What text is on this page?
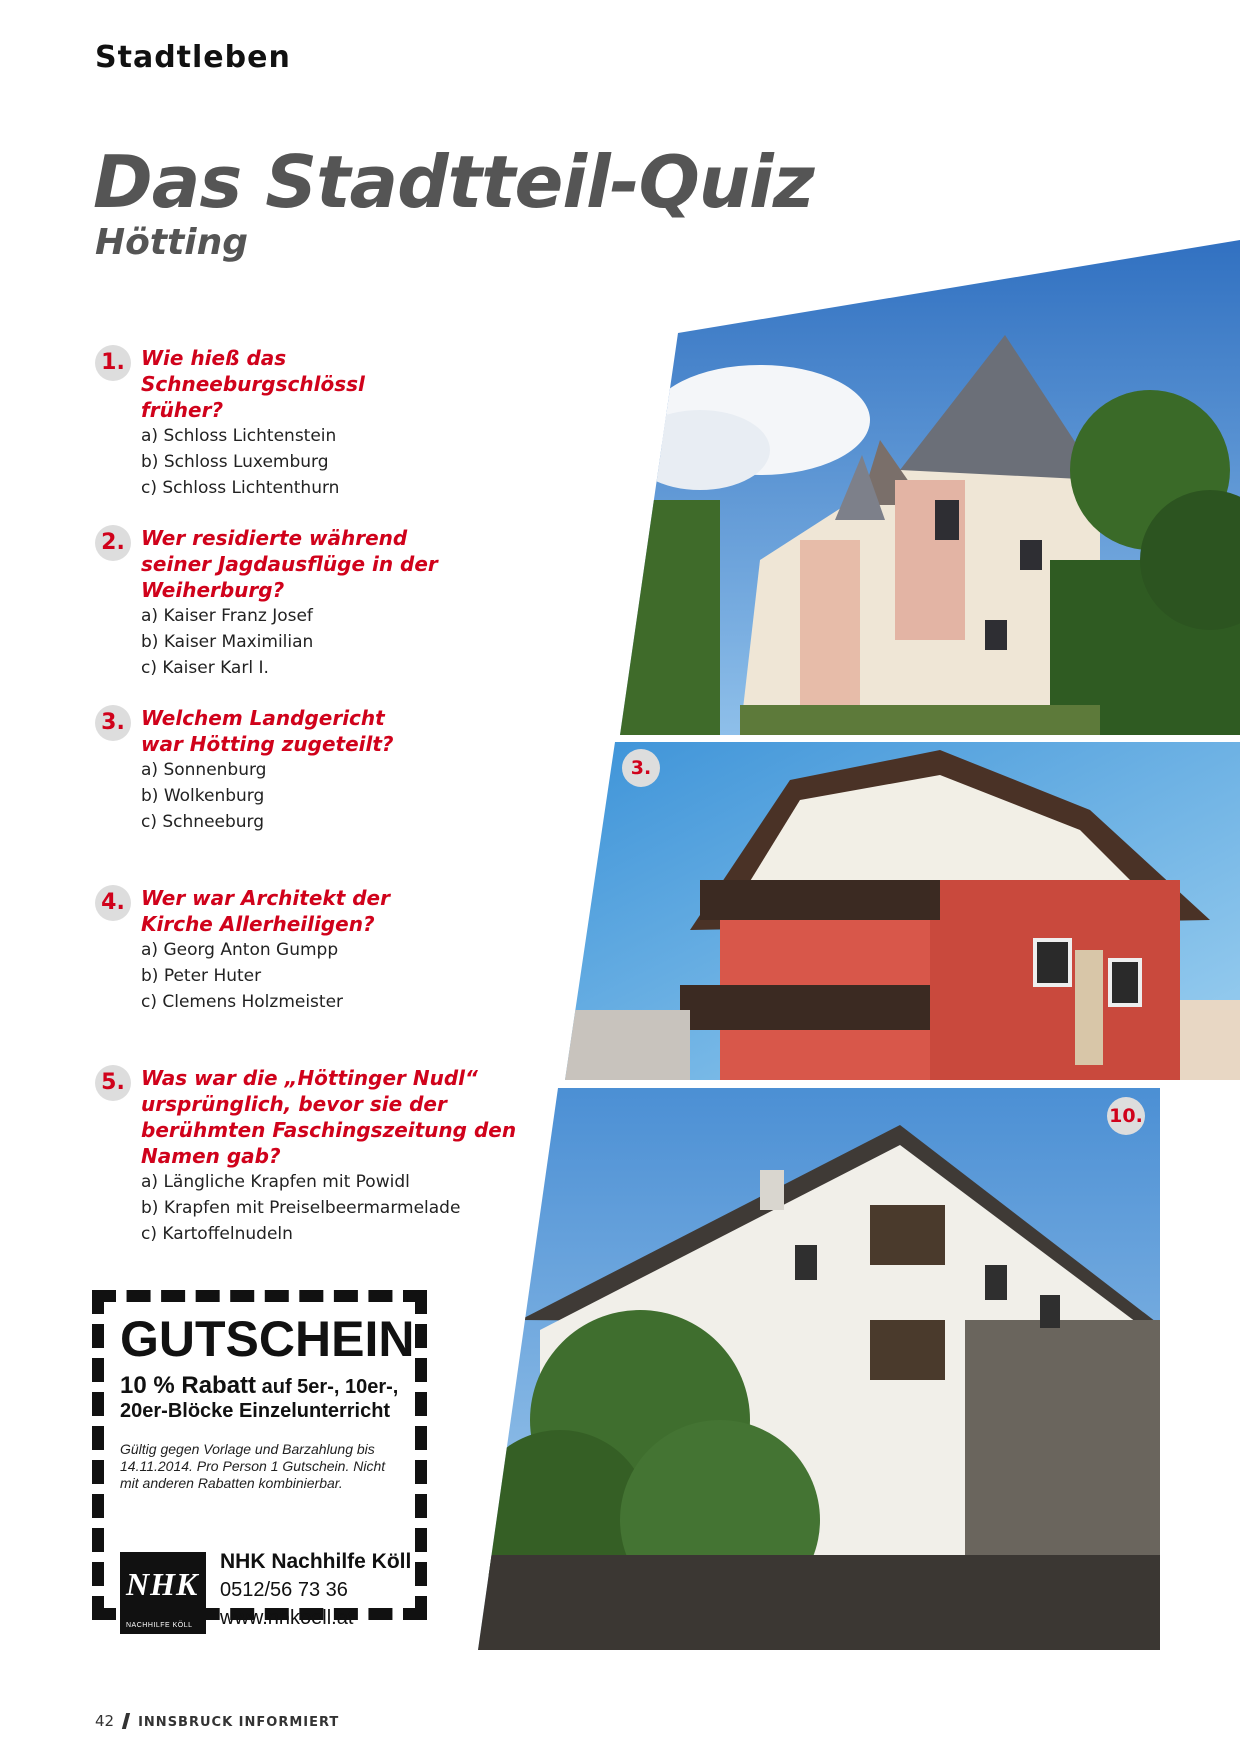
Stadtleben
Das Stadtteil-Quiz
Hötting
1. Wie hieß das Schneeburgschlössl früher?
a) Schloss Lichtenstein
b) Schloss Luxemburg
c) Schloss Lichtenthurn
2. Wer residierte während seiner Jagdausflüge in der Weiherburg?
a) Kaiser Franz Josef
b) Kaiser Maximilian
c) Kaiser Karl I.
3. Welchem Landgericht war Hötting zugeteilt?
a) Sonnenburg
b) Wolkenburg
c) Schneeburg
4. Wer war Architekt der Kirche Allerheiligen?
a) Georg Anton Gumpp
b) Peter Huter
c) Clemens Holzmeister
5. Was war die „Höttinger Nudl“ ursprünglich, bevor sie der berühmten Faschingszeitung den Namen gab?
a) Längliche Krapfen mit Powidl
b) Krapfen mit Preiselbeermarmelade
c) Kartoffelnudeln
3.
10.
GUTSCHEIN
10 % Rabatt auf 5er-, 10er-,
20er-Blöcke Einzelunterricht
Gültig gegen Vorlage und Barzahlung bis 14.11.2014. Pro Person 1 Gutschein. Nicht mit anderen Rabatten kombinierbar.
NHK
NACHHILFE KÖLL
NHK Nachhilfe Köll
0512/56 73 36
www.nhkoell.at
42 INNSBRUCK INFORMIERT
